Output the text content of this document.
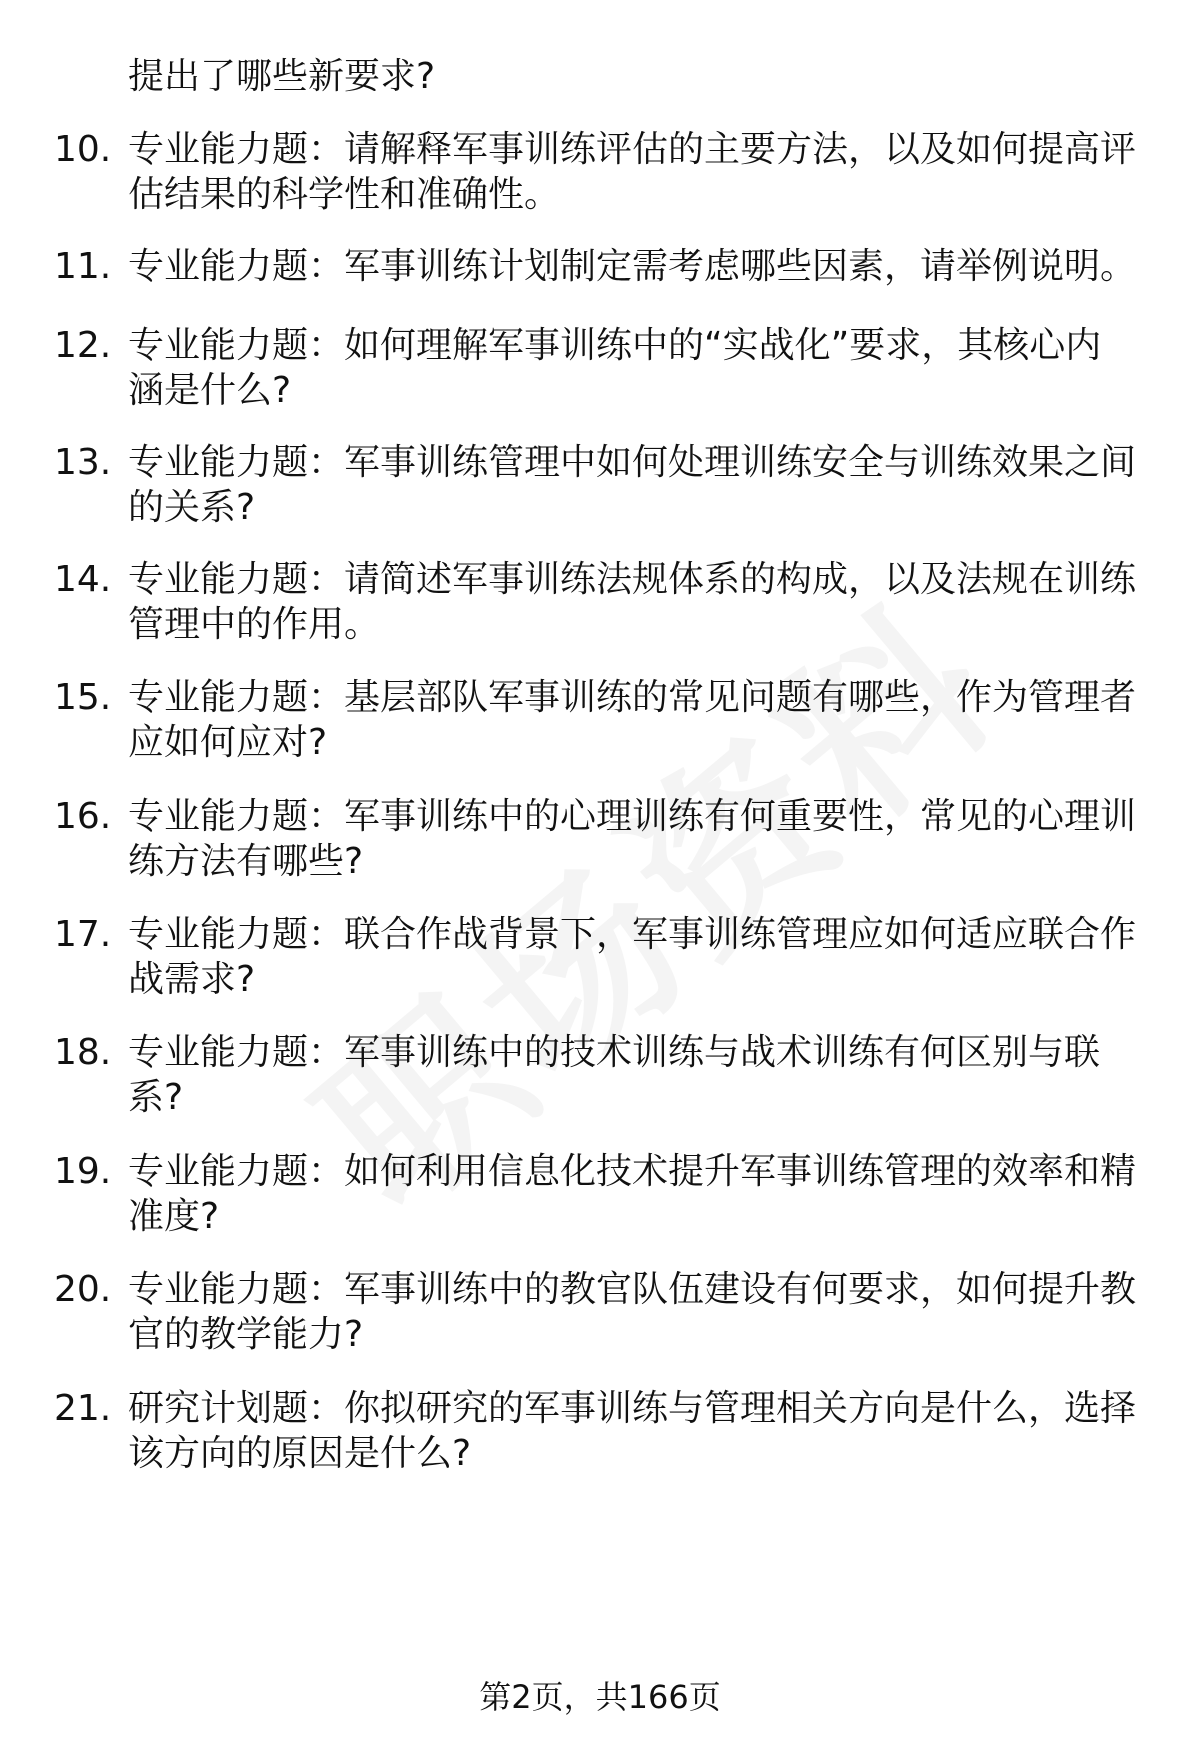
提出了哪些新要求?
10. 专业能力题：请解释军事训练评估的主要方法，以及如何提高评
估结果的科学性和准确性。
11. 专业能力题：军事训练计划制定需考虑哪些因素，请举例说明。
12. 专业能力题：如何理解军事训练中的“实战化”要求，其核心内
涵是什么?
13. 专业能力题：军事训练管理中如何处理训练安全与训练效果之间
的关系?
14. 专业能力题：请简述军事训练法规体系的构成，以及法规在训练
管理中的作用。
15. 专业能力题：基层部队军事训练的常见问题有哪些，作为管理者
应如何应对?
16. 专业能力题：军事训练中的心理训练有何重要性，常见的心理训
练方法有哪些?
17. 专业能力题：联合作战背景下，军事训练管理应如何适应联合作
战需求?
18. 专业能力题：军事训练中的技术训练与战术训练有何区别与联
系?
19. 专业能力题：如何利用信息化技术提升军事训练管理的效率和精
准度?
20. 专业能力题：军事训练中的教官队伍建设有何要求，如何提升教
官的教学能力?
21. 研究计划题：你拟研究的军事训练与管理相关方向是什么，选择
该方向的原因是什么?
第2页，共166页
